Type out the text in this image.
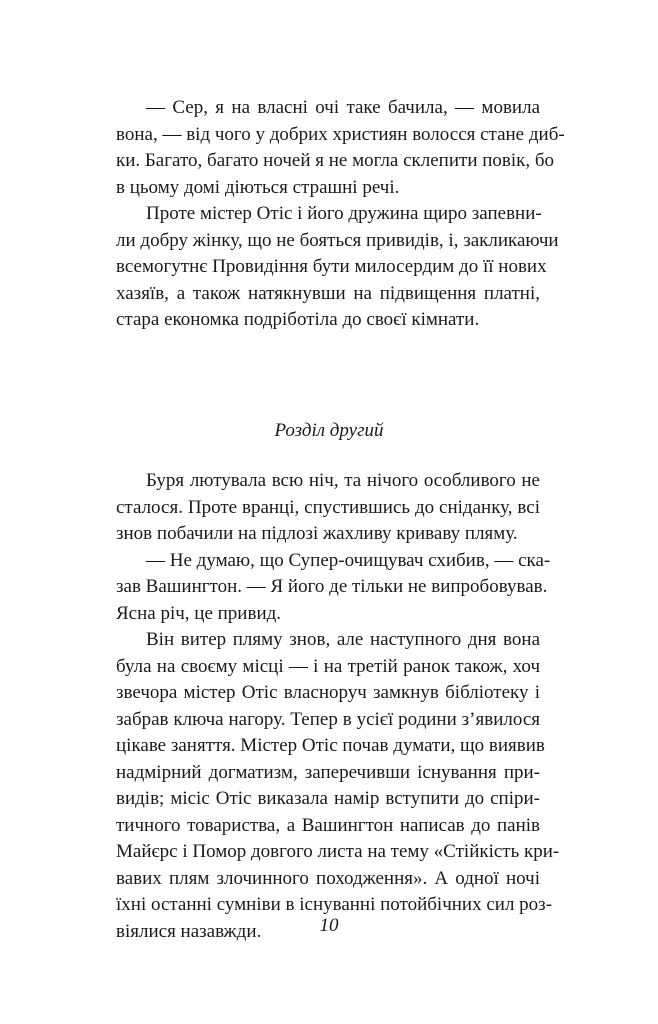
— Сер, я на власні очі таке бачила, — мовила
вона, — від чого у добрих християн волосся стане диб-
ки. Багато, багато ночей я не могла склепити повік, бо
в цьому домі діються страшні речі.
Проте містер Отіс і його дружина щиро запевни-
ли добру жінку, що не бояться привидів, і, закликаючи
всемогутнє Провидіння бути милосердим до її нових
хазяїв, а також натякнувши на підвищення платні,
стара економка подріботіла до своєї кімнати.
Розділ другий
Буря лютувала всю ніч, та нічого особливого не
сталося. Проте вранці, спустившись до сніданку, всі
знов побачили на підлозі жахливу криваву пляму.
— Не думаю, що Супер-очищувач схибив, — ска-
зав Вашингтон. — Я його де тільки не випробовував.
Ясна річ, це привид.
Він витер пляму знов, але наступного дня вона
була на своєму місці — і на третій ранок також, хоч
звечора містер Отіс власноруч замкнув бібліотеку і
забрав ключа нагору. Тепер в усієї родини з’явилося
цікаве заняття. Містер Отіс почав думати, що виявив
надмірний догматизм, заперечивши існування при-
видів; місіс Отіс виказала намір вступити до спіри-
тичного товариства, а Вашингтон написав до панів
Майєрс і Помор довгого листа на тему «Стійкість кри-
вавих плям злочинного походження». А одної ночі
їхні останні сумніви в існуванні потойбічних сил роз-
віялися назавжди.	10
